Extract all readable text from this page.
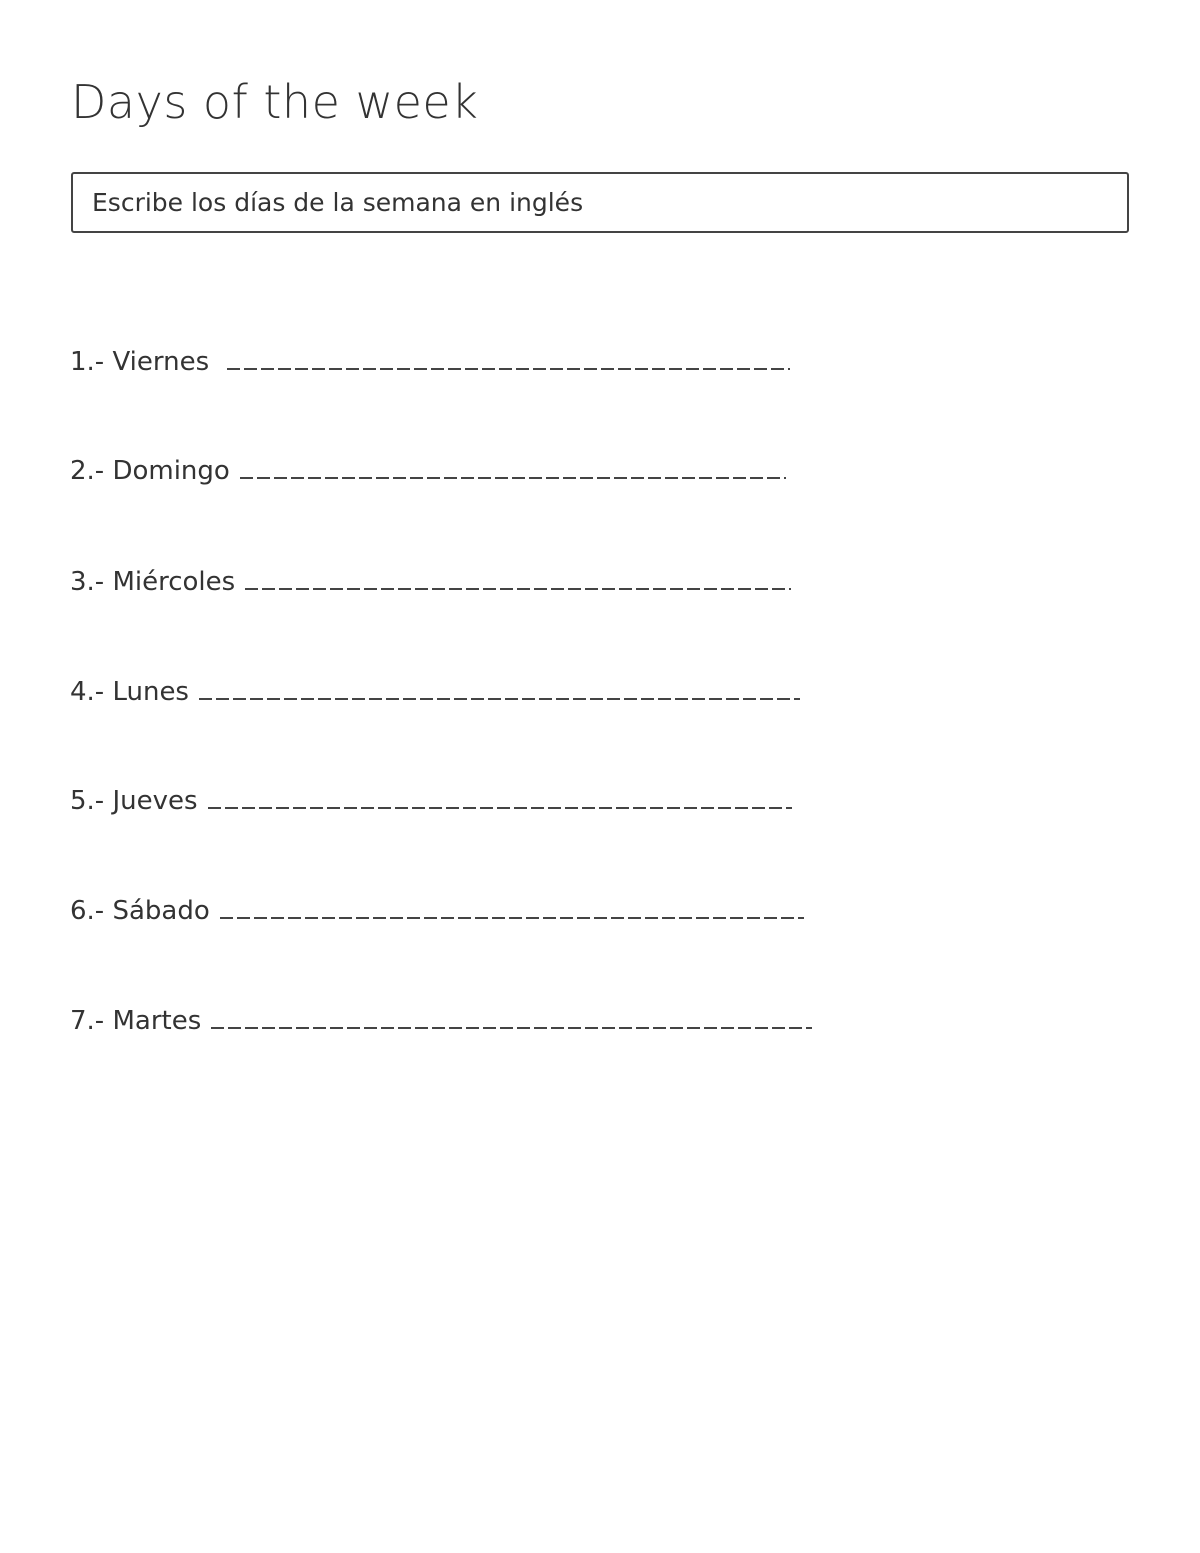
Days of the week
Escribe los días de la semana en inglés
1.- Viernes
2.- Domingo
3.- Miércoles
4.- Lunes
5.- Jueves
6.- Sábado
7.- Martes
